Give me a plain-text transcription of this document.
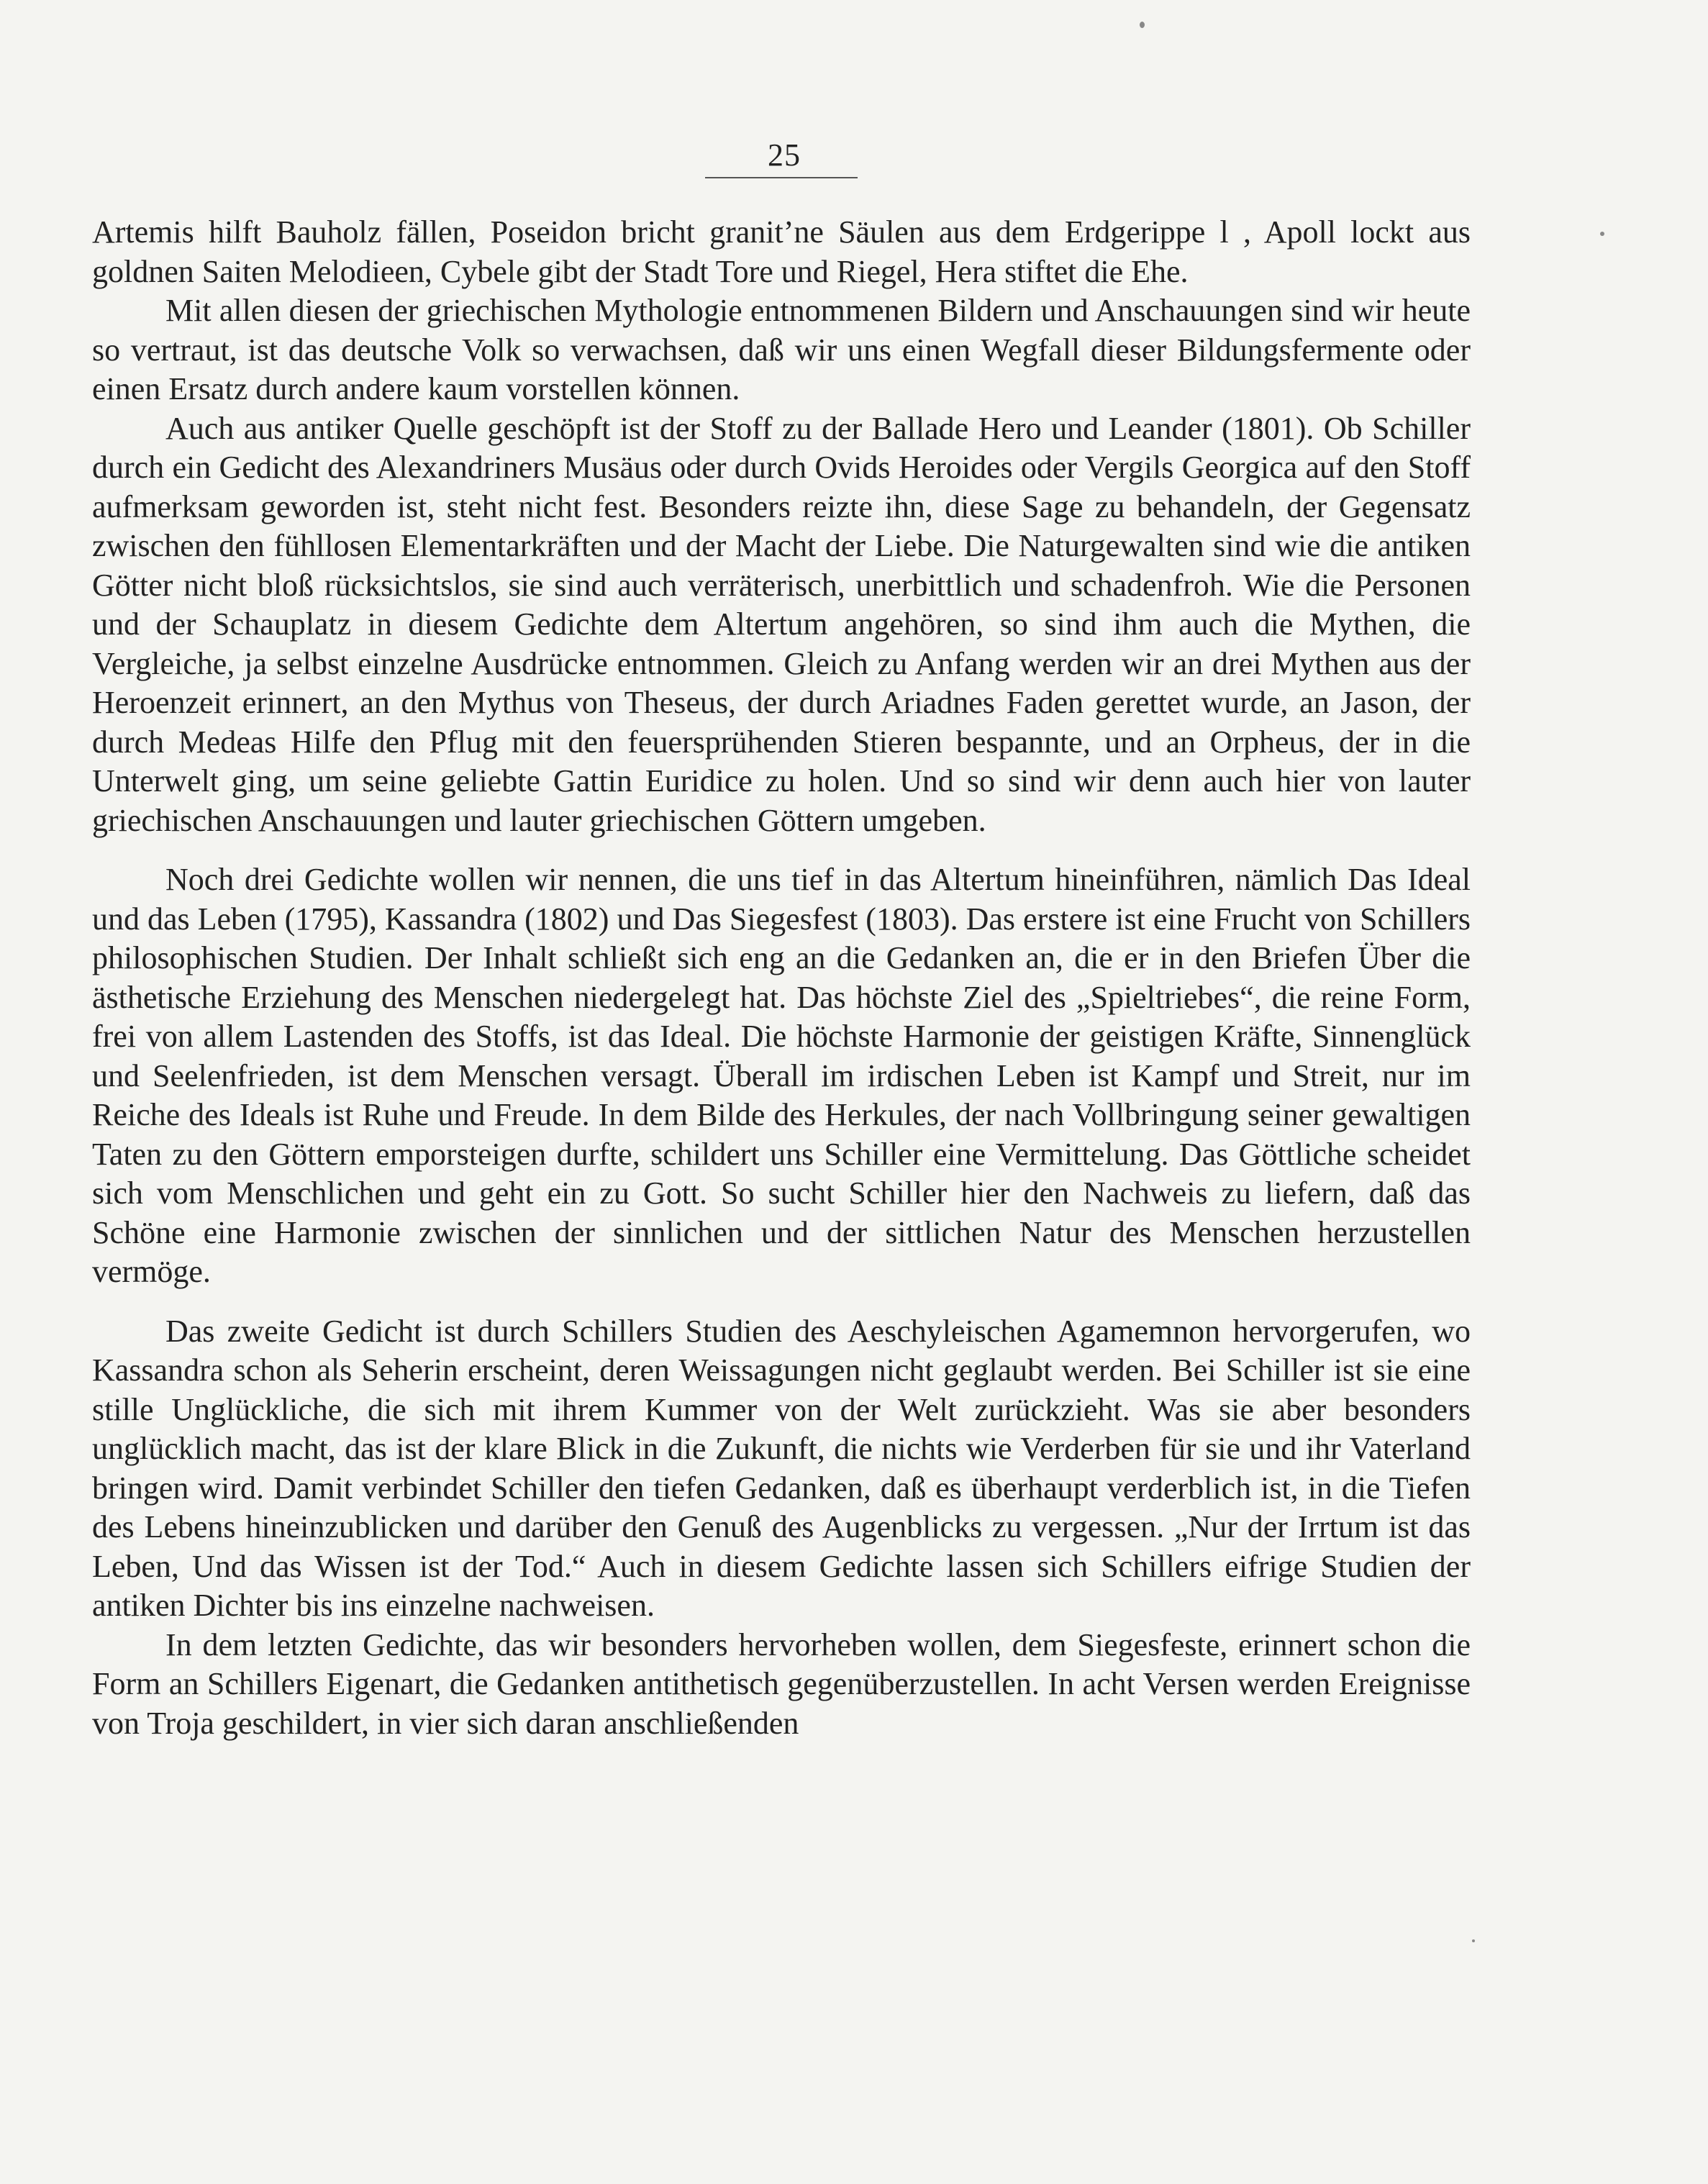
25

Artemis hilft Bauholz fällen, Poseidon bricht granit’ne Säulen aus dem Erdgerippe l , Apoll lockt aus goldnen Saiten Melodieen, Cybele gibt der Stadt Tore und Riegel, Hera stiftet die Ehe.

Mit allen diesen der griechischen Mythologie entnommenen Bildern und Anschauungen sind wir heute so vertraut, ist das deutsche Volk so verwachsen, daß wir uns einen Wegfall dieser Bildungsfermente oder einen Ersatz durch andere kaum vorstellen können.

Auch aus antiker Quelle geschöpft ist der Stoff zu der Ballade Hero und Leander (1801). Ob Schiller durch ein Gedicht des Alexandriners Musäus oder durch Ovids Heroides oder Vergils Georgica auf den Stoff aufmerksam geworden ist, steht nicht fest. Besonders reizte ihn, diese Sage zu behandeln, der Gegensatz zwischen den fühllosen Elementarkräften und der Macht der Liebe. Die Naturgewalten sind wie die antiken Götter nicht bloß rücksichtslos, sie sind auch verräterisch, unerbittlich und schadenfroh. Wie die Personen und der Schauplatz in diesem Gedichte dem Altertum angehören, so sind ihm auch die Mythen, die Vergleiche, ja selbst einzelne Ausdrücke entnommen. Gleich zu Anfang werden wir an drei Mythen aus der Heroenzeit erinnert, an den Mythus von Theseus, der durch Ariadnes Faden gerettet wurde, an Jason, der durch Medeas Hilfe den Pflug mit den feuersprühenden Stieren bespannte, und an Orpheus, der in die Unterwelt ging, um seine geliebte Gattin Euridice zu holen. Und so sind wir denn auch hier von lauter griechischen Anschauungen und lauter griechischen Göttern umgeben.

Noch drei Gedichte wollen wir nennen, die uns tief in das Altertum hineinführen, nämlich Das Ideal und das Leben (1795), Kassandra (1802) und Das Siegesfest (1803). Das erstere ist eine Frucht von Schillers philosophischen Studien. Der Inhalt schließt sich eng an die Gedanken an, die er in den Briefen Über die ästhetische Erziehung des Menschen niedergelegt hat. Das höchste Ziel des „Spieltriebes“, die reine Form, frei von allem Lastenden des Stoffs, ist das Ideal. Die höchste Harmonie der geistigen Kräfte, Sinnenglück und Seelenfrieden, ist dem Menschen versagt. Überall im irdischen Leben ist Kampf und Streit, nur im Reiche des Ideals ist Ruhe und Freude. In dem Bilde des Herkules, der nach Vollbringung seiner gewaltigen Taten zu den Göttern emporsteigen durfte, schildert uns Schiller eine Vermittelung. Das Göttliche scheidet sich vom Menschlichen und geht ein zu Gott. So sucht Schiller hier den Nachweis zu liefern, daß das Schöne eine Harmonie zwischen der sinnlichen und der sittlichen Natur des Menschen herzustellen vermöge.

Das zweite Gedicht ist durch Schillers Studien des Aeschyleischen Agamemnon hervorgerufen, wo Kassandra schon als Seherin erscheint, deren Weissagungen nicht geglaubt werden. Bei Schiller ist sie eine stille Unglückliche, die sich mit ihrem Kummer von der Welt zurückzieht. Was sie aber besonders unglücklich macht, das ist der klare Blick in die Zukunft, die nichts wie Verderben für sie und ihr Vaterland bringen wird. Damit verbindet Schiller den tiefen Gedanken, daß es überhaupt verderblich ist, in die Tiefen des Lebens hineinzublicken und darüber den Genuß des Augenblicks zu vergessen. „Nur der Irrtum ist das Leben, Und das Wissen ist der Tod.“ Auch in diesem Gedichte lassen sich Schillers eifrige Studien der antiken Dichter bis ins einzelne nachweisen.

In dem letzten Gedichte, das wir besonders hervorheben wollen, dem Siegesfeste, erinnert schon die Form an Schillers Eigenart, die Gedanken antithetisch gegenüberzustellen. In acht Versen werden Ereignisse von Troja geschildert, in vier sich daran anschließenden
